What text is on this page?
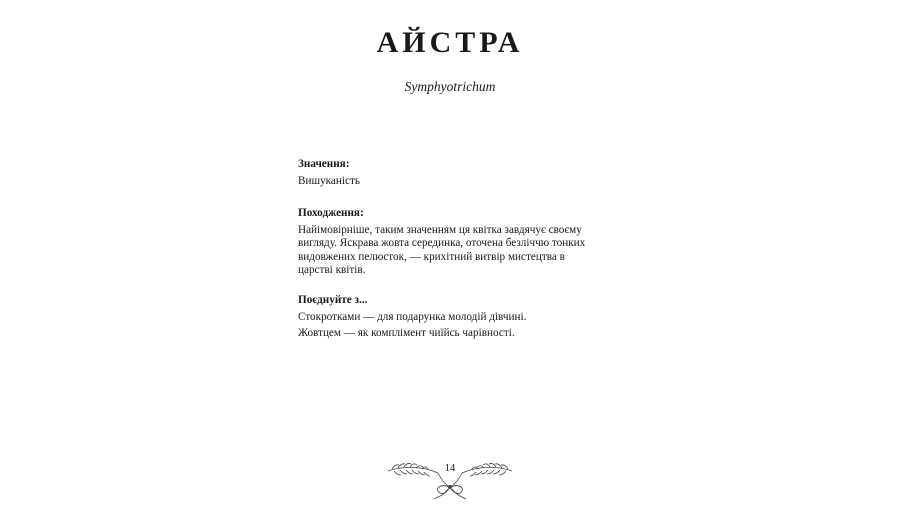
АЙСТРА

Symphyotrichum

Значення:

Вишуканість

Походження:

Найімовірніше, таким значенням ця квітка завдячує своєму вигляду. Яскрава жовта серединка, оточена безліччю тонких видовжених пелюсток, — крихітний витвір мистецтва в царстві квітів.

Поєднуйте з...

Стокротками — для подарунка молодій дівчині.

Жовтцем — як комплімент чиїйсь чарівності.

14
